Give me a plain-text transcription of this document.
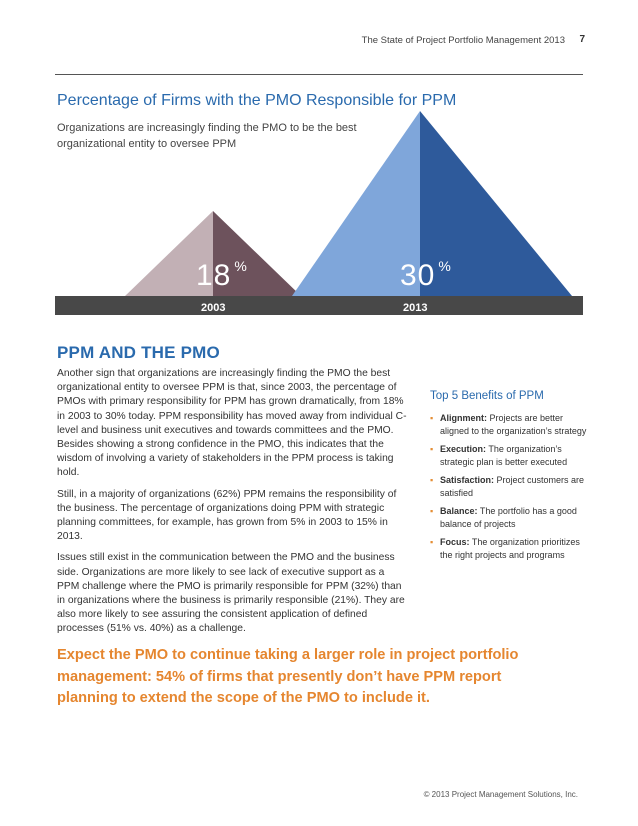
The State of Project Portfolio Management 2013 7
Percentage of Firms with the PMO Responsible for PPM
Organizations are increasingly finding the PMO to be the best organizational entity to oversee PPM
18 %	30 %
2003	2013
PPM AND THE PMO

Another sign that organizations are increasingly finding the PMO the best organizational entity to oversee PPM is that, since 2003, the percentage of PMOs with primary responsibility for PPM has grown dramatically, from 18% in 2003 to 30% today. PPM responsibility has moved away from individual C-level and business unit executives and towards committees and the PMO. Besides showing a strong confidence in the PMO, this indicates that the wisdom of involving a variety of stakeholders in the PPM process is taking hold.

Still, in a majority of organizations (62%) PPM remains the responsibility of the business. The percentage of organizations doing PPM with strategic planning committees, for example, has grown from 5% in 2003 to 15% in 2013.

Issues still exist in the communication between the PMO and the business side. Organizations are more likely to see lack of executive support as a PPM challenge where the PMO is primarily responsible for PPM (32%) than in organizations where the business is primarily responsible (21%). They are also more likely to see assuring the consistent application of defined processes (51% vs. 40%) as a challenge.

Top 5 Benefits of PPM
▪ Alignment: Projects are better aligned to the organization’s strategy
▪ Execution: The organization’s strategic plan is better executed
▪ Satisfaction: Project customers are satisfied
▪ Balance: The portfolio has a good balance of projects
▪ Focus: The organization prioritizes the right projects and programs
Expect the PMO to continue taking a larger role in project portfolio management: 54% of firms that presently don’t have PPM report planning to extend the scope of the PMO to include it.
© 2013 Project Management Solutions, Inc.
